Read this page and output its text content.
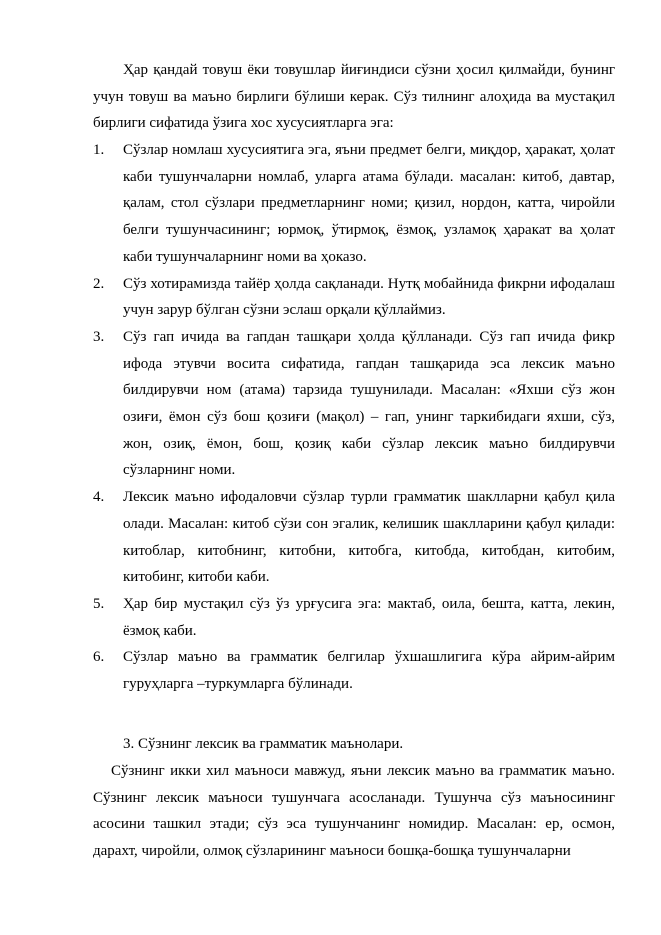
Ҳар қандай товуш ёки товушлар йиғиндиси сўзни ҳосил қилмайди, бунинг учун товуш ва маъно бирлиги бўлиши керак. Сўз тилнинг алоҳида ва мустақил бирлиги сифатида ўзига хос хусусиятларга эга:

1. Сўзлар номлаш хусусиятига эга, яъни предмет белги, миқдор, ҳаракат, ҳолат каби тушунчаларни номлаб, уларга атама бўлади. масалан: китоб, давтар, қалам, стол сўзлари предметларнинг номи; қизил, нордон, катта, чиройли белги тушунчасининг; юрмоқ, ўтирмоқ, ёзмоқ, узламоқ ҳаракат ва ҳолат каби тушунчаларнинг номи ва ҳоказо.
2. Сўз хотирамизда тайёр ҳолда сақланади. Нутқ мобайнида фикрни ифодалаш учун зарур бўлган сўзни эслаш орқали қўллаймиз.
3. Сўз гап ичида ва гапдан ташқари ҳолда қўлланади. Сўз гап ичида фикр ифода этувчи восита сифатида, гапдан ташқарида эса лексик маъно билдирувчи ном (атама) тарзида тушунилади. Масалан: «Яхши сўз жон озиғи, ёмон сўз бош қозиғи (мақол) – гап, унинг таркибидаги яхши, сўз, жон, озиқ, ёмон, бош, қозиқ каби сўзлар лексик маъно билдирувчи сўзларнинг номи.
4. Лексик маъно ифодаловчи сўзлар турли грамматик шаклларни қабул қила олади. Масалан: китоб сўзи сон эгалик, келишик шаклларини қабул қилади: китоблар, китобнинг, китобни, китобга, китобда, китобдан, китобим, китобинг, китоби каби.
5. Ҳар бир мустақил сўз ўз урғусига эга: мактаб, оила, бешта, катта, лекин, ёзмоқ каби.
6. Сўзлар маъно ва грамматик белгилар ўхшашлигига кўра айрим-айрим гуруҳларга –туркумларга бўлинади.
3. Сўзнинг лексик ва грамматик маънолари.

Сўзнинг икки хил маъноси мавжуд, яъни лексик маъно ва грамматик маъно. Сўзнинг лексик маъноси тушунчага асосланади. Тушунча сўз маъносининг асосини ташкил этади; сўз эса тушунчанинг номидир. Масалан: ер, осмон, дарахт, чиройли, олмоқ сўзларининг маъноси бошқа-бошқа тушунчаларни
